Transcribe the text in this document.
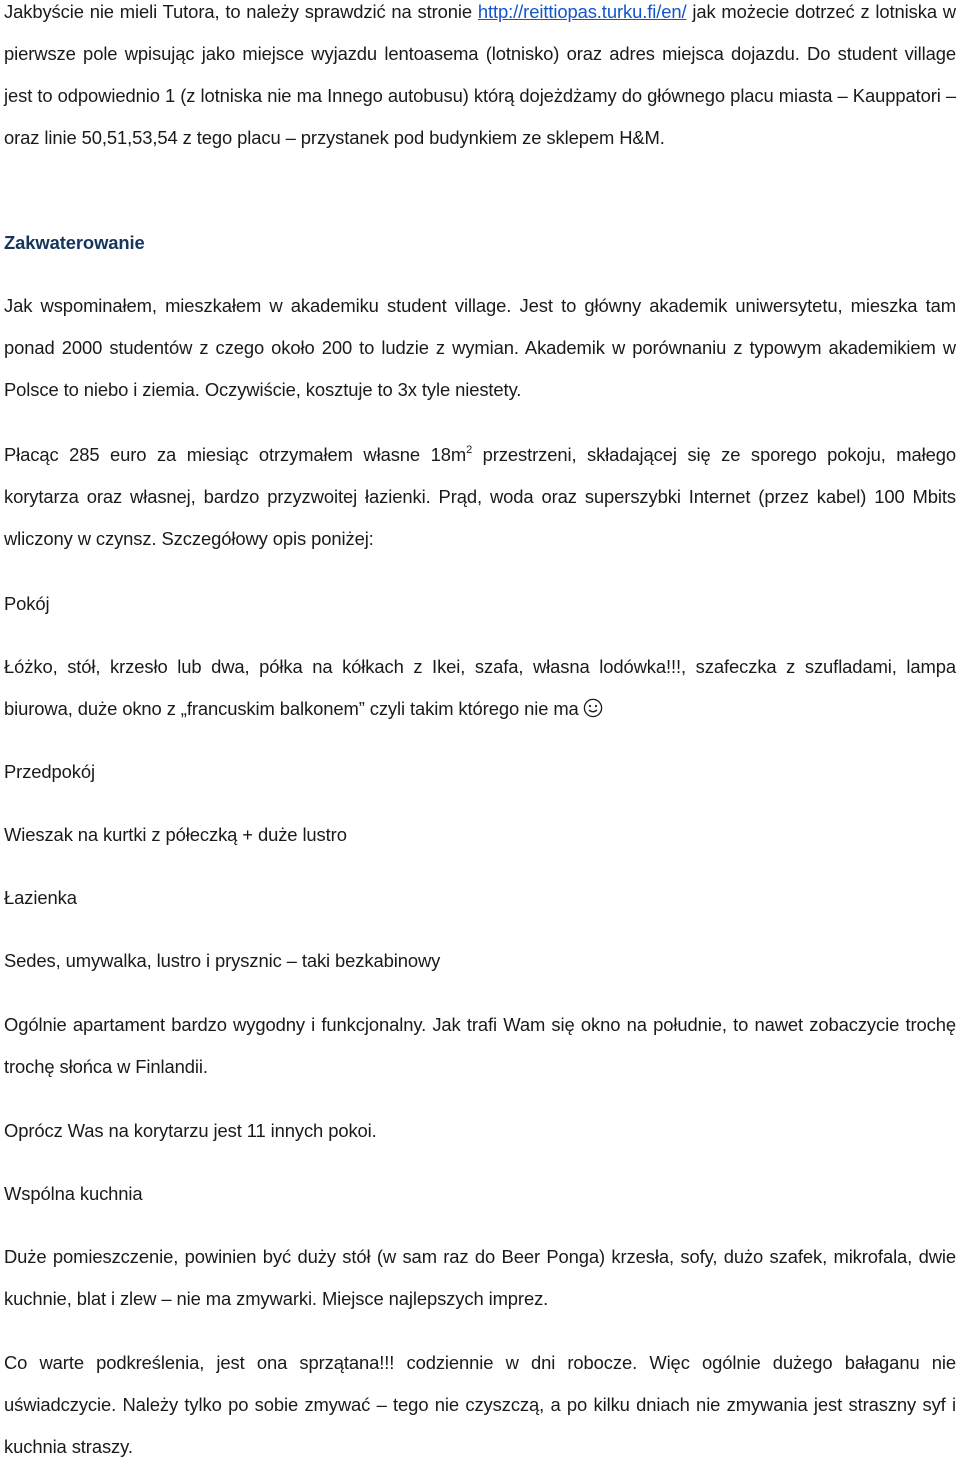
Jakbyście nie mieli Tutora, to należy sprawdzić na stronie http://reittiopas.turku.fi/en/ jak możecie dotrzeć z lotniska w pierwsze pole wpisując jako miejsce wyjazdu lentoasema (lotnisko) oraz adres miejsca dojazdu. Do student village jest to odpowiednio 1 (z lotniska nie ma Innego autobusu) którą dojeżdżamy do głównego placu miasta – Kauppatori – oraz linie 50,51,53,54 z tego placu – przystanek pod budynkiem ze sklepem H&M.

Zakwaterowanie

Jak wspominałem, mieszkałem w akademiku student village. Jest to główny akademik uniwersytetu, mieszka tam ponad 2000 studentów z czego około 200 to ludzie z wymian. Akademik w porównaniu z typowym akademikiem w Polsce to niebo i ziemia. Oczywiście, kosztuje to 3x tyle niestety.

Płacąc 285 euro za miesiąc otrzymałem własne $18m^2$ przestrzeni, składającej się ze sporego pokoju, małego korytarza oraz własnej, bardzo przyzwoitej łazienki. Prąd, woda oraz superszybki Internet (przez kabel) 100 Mbits wliczony w czynsz. Szczegółowy opis poniżej:

Pokój

Łóżko, stół, krzesło lub dwa, półka na kółkach z Ikei, szafa, własna lodówka!!!, szafeczka z szufladami, lampa biurowa, duże okno z „francuskim balkonem” czyli takim którego nie ma

Przedpokój

Wieszak na kurtki z półeczką + duże lustro

Łazienka

Sedes, umywalka, lustro i prysznic – taki bezkabinowy

Ogólnie apartament bardzo wygodny i funkcjonalny. Jak trafi Wam się okno na południe, to nawet zobaczycie trochę trochę słońca w Finlandii.

Oprócz Was na korytarzu jest 11 innych pokoi.

Wspólna kuchnia

Duże pomieszczenie, powinien być duży stół (w sam raz do Beer Ponga) krzesła, sofy, dużo szafek, mikrofala, dwie kuchnie, blat i zlew – nie ma zmywarki. Miejsce najlepszych imprez.

Co warte podkreślenia, jest ona sprzątana!!! codziennie w dni robocze. Więc ogólnie dużego bałaganu nie uświadczycie. Należy tylko po sobie zmywać – tego nie czyszczą, a po kilku dniach nie zmywania jest straszny syf i kuchnia straszy.
